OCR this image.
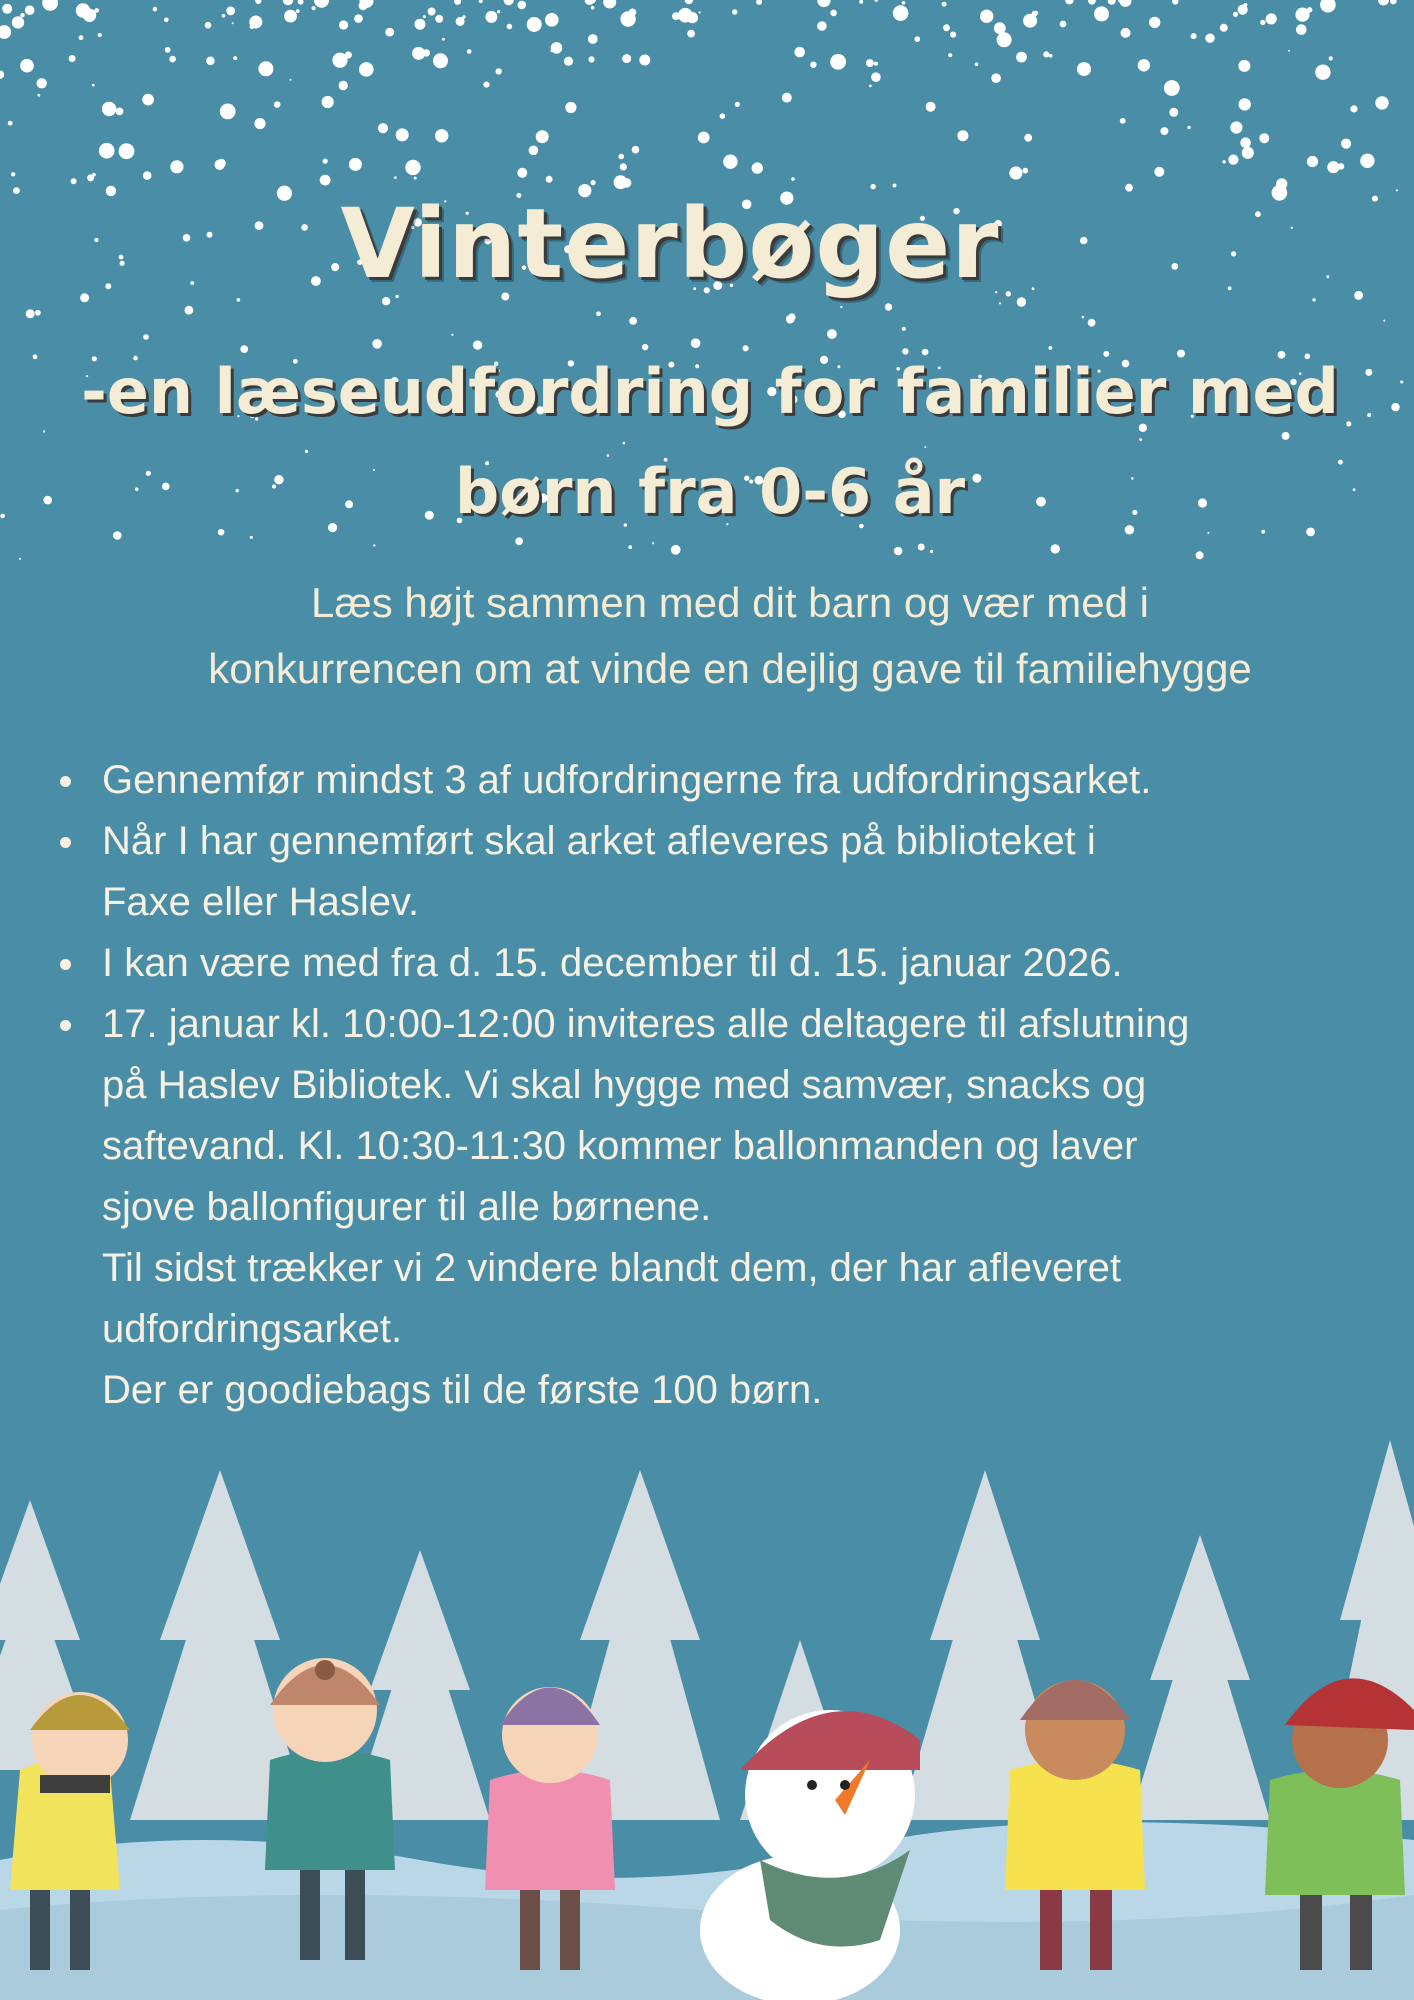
Vinterbøger
-en læseudfordring for familier med
børn fra 0-6 år
Læs højt sammen med dit barn og vær med i
konkurrencen om at vinde en dejlig gave til familiehygge
Gennemfør mindst 3 af udfordringerne fra udfordringsarket.
Når I har gennemført skal arket afleveres på biblioteket i
Faxe eller Haslev.
I kan være med fra d. 15. december til d. 15. januar 2026.
17. januar kl. 10:00-12:00 inviteres alle deltagere til afslutning
på Haslev Bibliotek. Vi skal hygge med samvær, snacks og
saftevand. Kl. 10:30-11:30 kommer ballonmanden og laver
sjove ballonfigurer til alle børnene.
Til sidst trækker vi 2 vindere blandt dem, der har afleveret
udfordringsarket.
Der er goodiebags til de første 100 børn.
